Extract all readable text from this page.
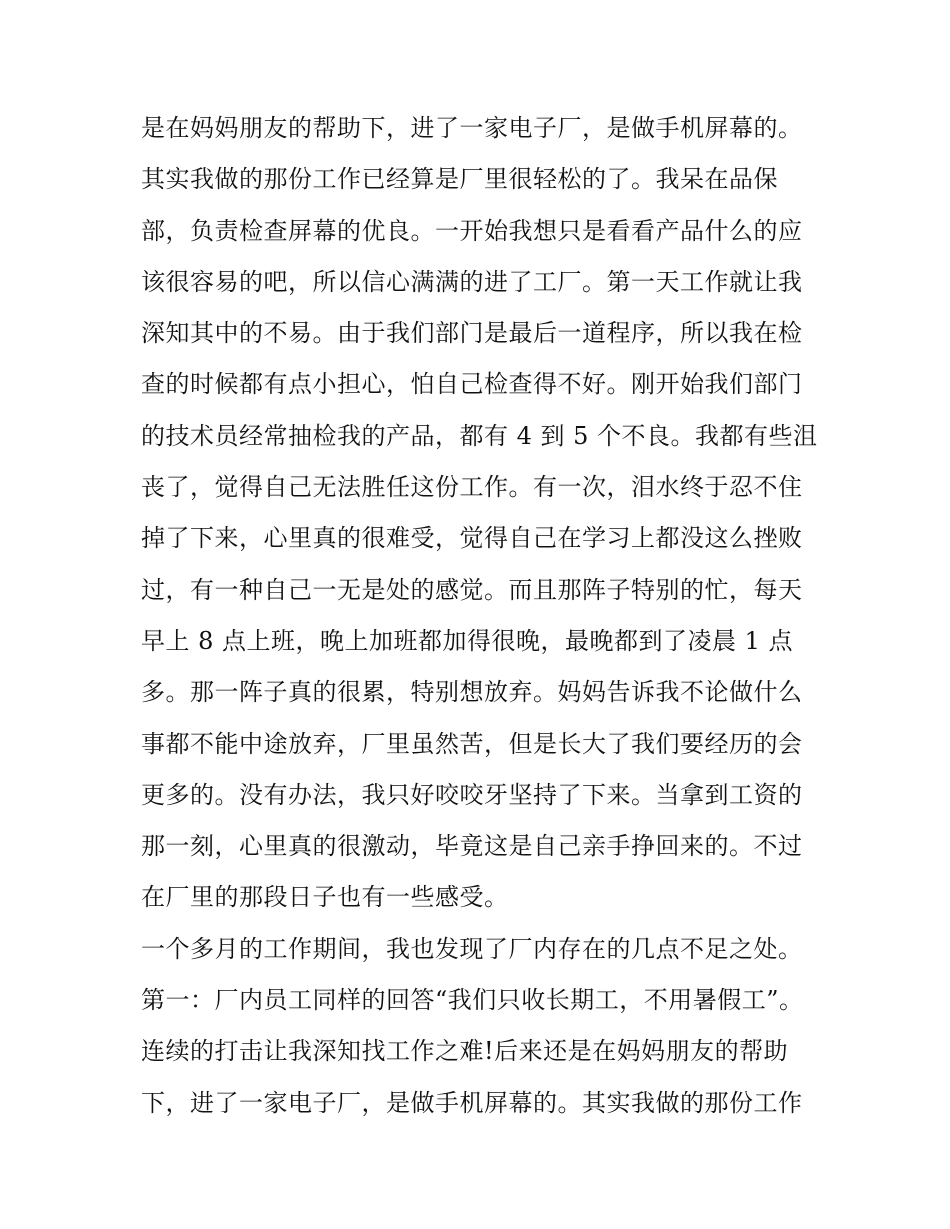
是在妈妈朋友的帮助下，进了一家电子厂，是做手机屏幕的。
其实我做的那份工作已经算是厂里很轻松的了。我呆在品保
部，负责检查屏幕的优良。一开始我想只是看看产品什么的应
该很容易的吧，所以信心满满的进了工厂。第一天工作就让我
深知其中的不易。由于我们部门是最后一道程序，所以我在检
查的时候都有点小担心，怕自己检查得不好。刚开始我们部门
的技术员经常抽检我的产品，都有 4 到 5 个不良。我都有些沮
丧了，觉得自己无法胜任这份工作。有一次，泪水终于忍不住
掉了下来，心里真的很难受，觉得自己在学习上都没这么挫败
过，有一种自己一无是处的感觉。而且那阵子特别的忙，每天
早上 8 点上班，晚上加班都加得很晚，最晚都到了凌晨 1 点
多。那一阵子真的很累，特别想放弃。妈妈告诉我不论做什么
事都不能中途放弃，厂里虽然苦，但是长大了我们要经历的会
更多的。没有办法，我只好咬咬牙坚持了下来。当拿到工资的
那一刻，心里真的很激动，毕竟这是自己亲手挣回来的。不过
在厂里的那段日子也有一些感受。
一个多月的工作期间，我也发现了厂内存在的几点不足之处。
第一：厂内员工同样的回答“我们只收长期工，不用暑假工”。
连续的打击让我深知找工作之难!后来还是在妈妈朋友的帮助
下，进了一家电子厂，是做手机屏幕的。其实我做的那份工作
